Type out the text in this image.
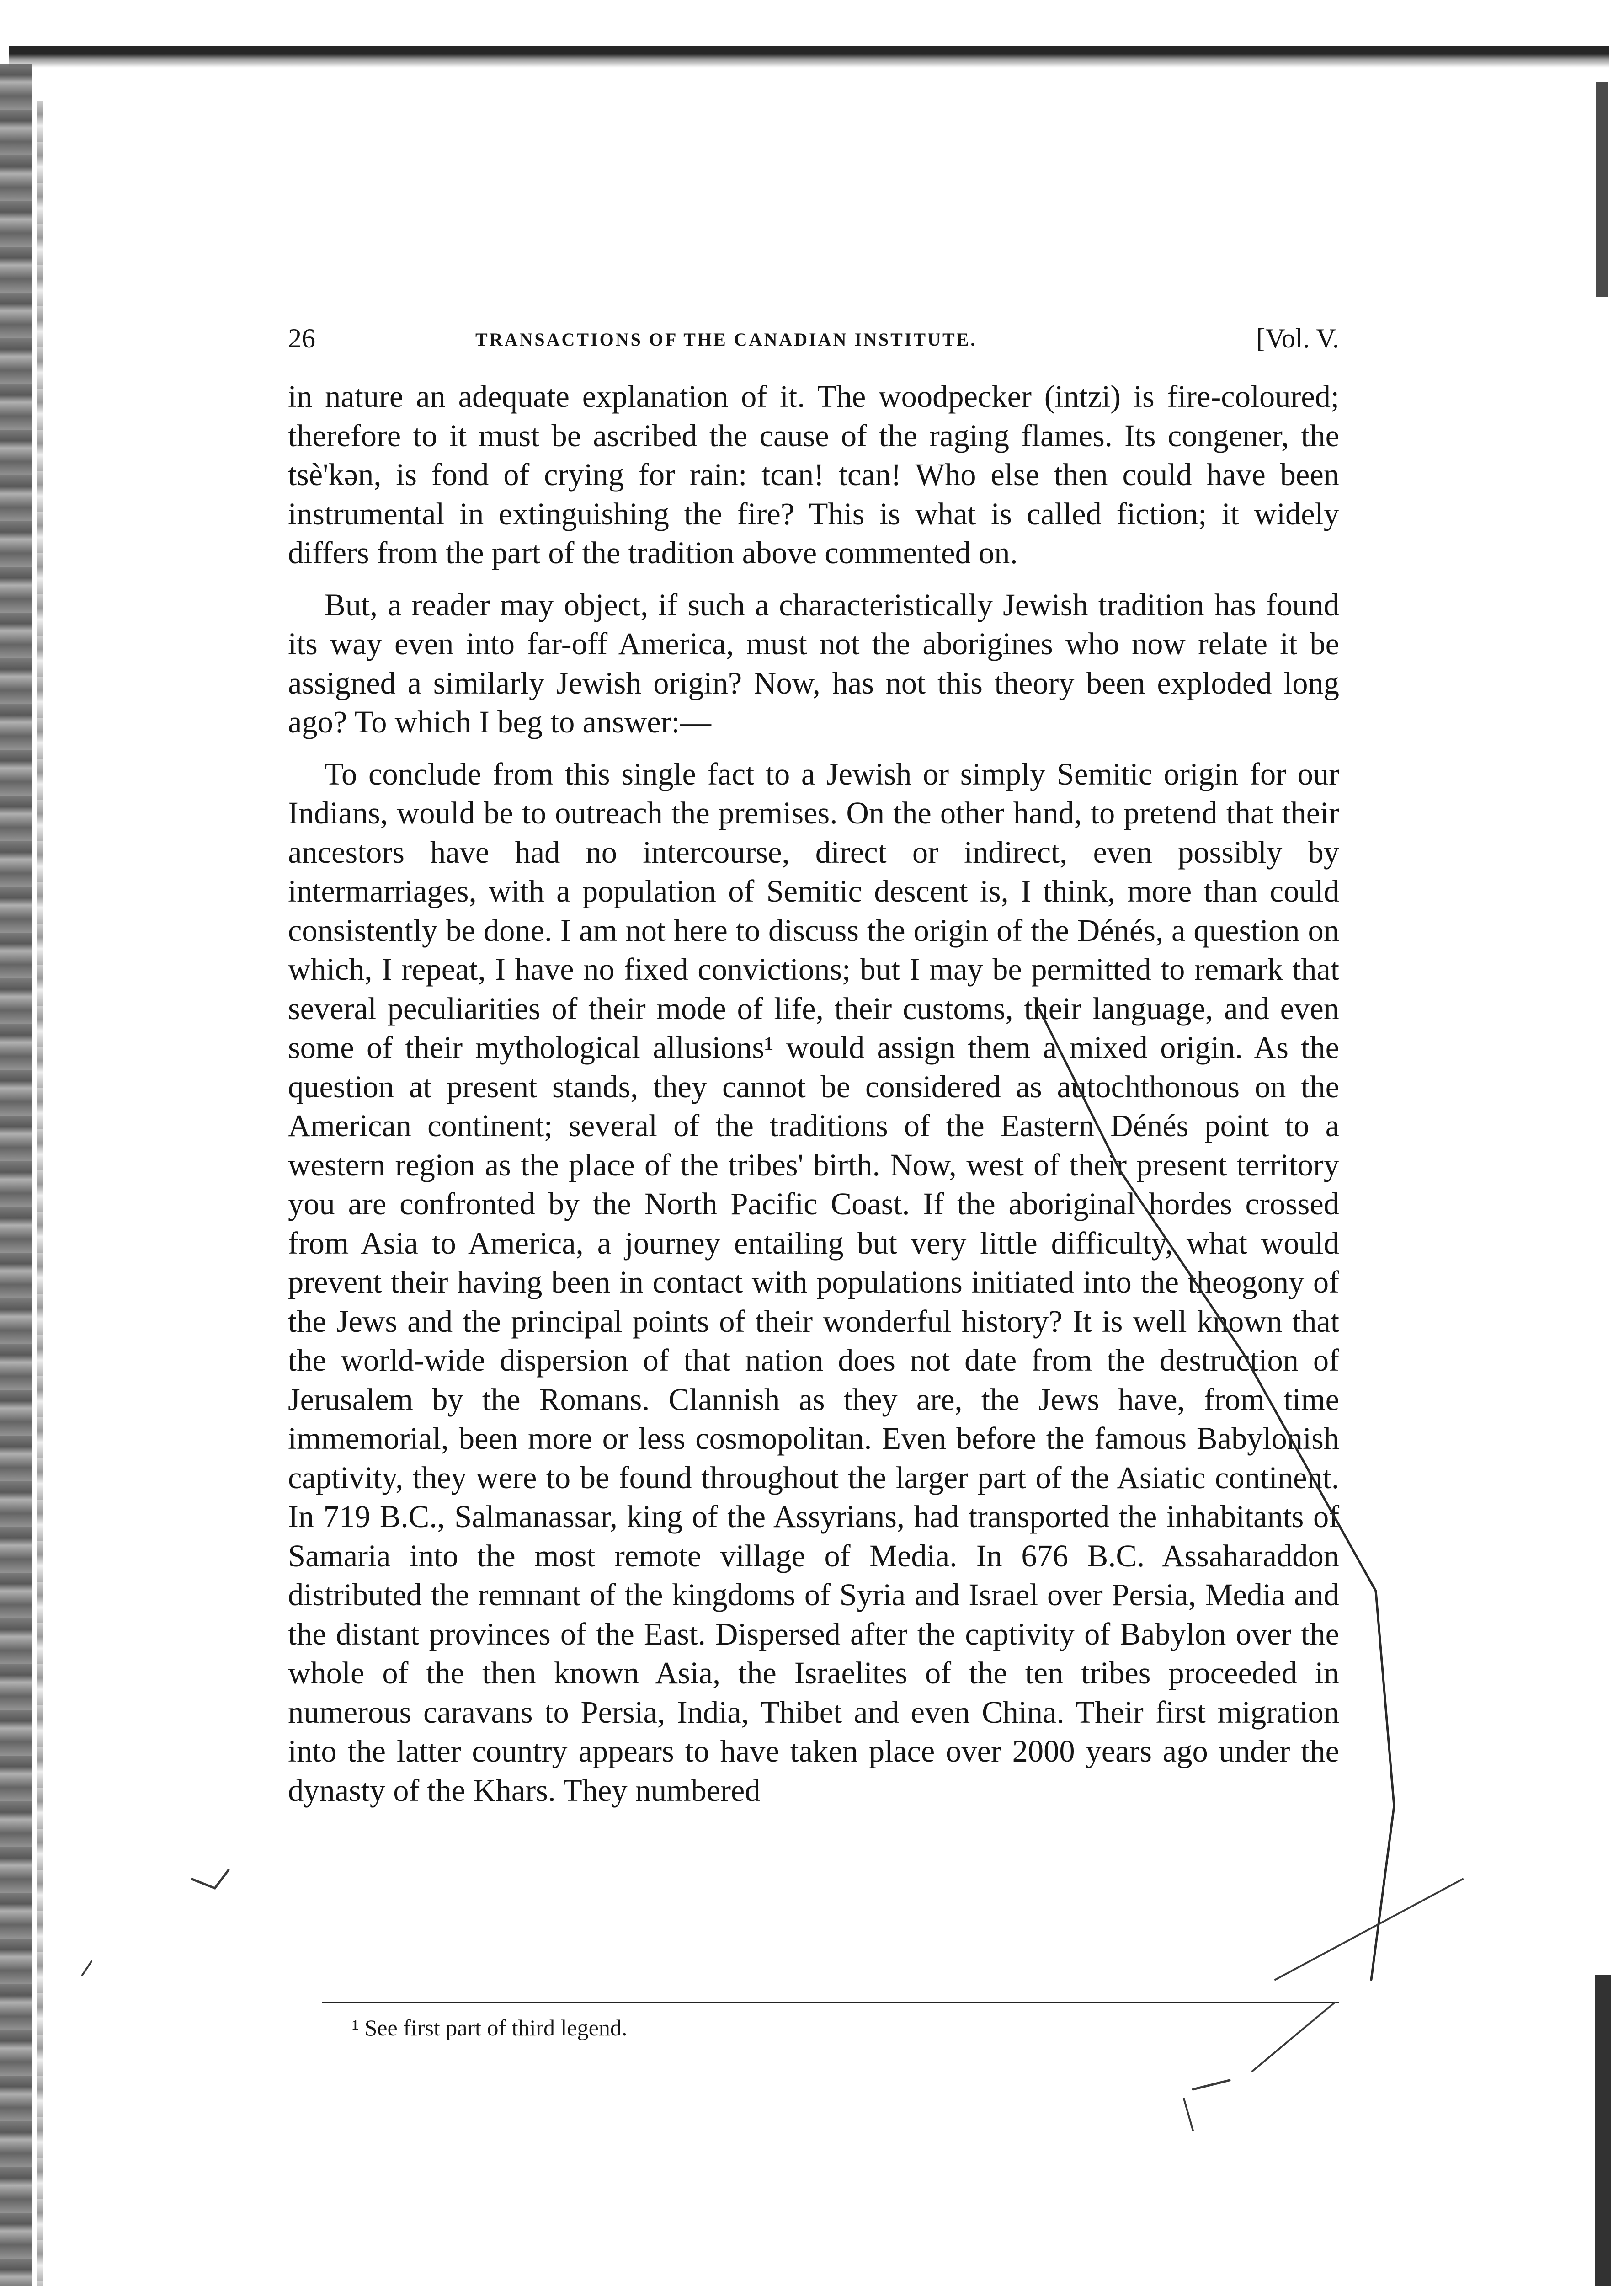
26	TRANSACTIONS OF THE CANADIAN INSTITUTE.	[Vol. V.

in nature an adequate explanation of it. The woodpecker (intzi) is fire-coloured; therefore to it must be ascribed the cause of the raging flames. Its congener, the tsè'kən, is fond of crying for rain: tcan! tcan! Who else then could have been instrumental in extinguishing the fire? This is what is called fiction; it widely differs from the part of the tradition above commented on.

But, a reader may object, if such a characteristically Jewish tradition has found its way even into far-off America, must not the aborigines who now relate it be assigned a similarly Jewish origin? Now, has not this theory been exploded long ago? To which I beg to answer:—

To conclude from this single fact to a Jewish or simply Semitic origin for our Indians, would be to outreach the premises. On the other hand, to pretend that their ancestors have had no intercourse, direct or indirect, even possibly by intermarriages, with a population of Semitic descent is, I think, more than could consistently be done. I am not here to discuss the origin of the Dénés, a question on which, I repeat, I have no fixed convictions; but I may be permitted to remark that several peculiarities of their mode of life, their customs, their language, and even some of their mythological allusions¹ would assign them a mixed origin. As the question at present stands, they cannot be considered as autochthonous on the American continent; several of the traditions of the Eastern Dénés point to a western region as the place of the tribes' birth. Now, west of their present territory you are confronted by the North Pacific Coast. If the aboriginal hordes crossed from Asia to America, a journey entailing but very little difficulty, what would prevent their having been in contact with populations initiated into the theogony of the Jews and the principal points of their wonderful history? It is well known that the world-wide dispersion of that nation does not date from the destruction of Jerusalem by the Romans. Clannish as they are, the Jews have, from time immemorial, been more or less cosmopolitan. Even before the famous Babylonish captivity, they were to be found throughout the larger part of the Asiatic continent. In 719 B.C., Salmanassar, king of the Assyrians, had transported the inhabitants of Samaria into the most remote village of Media. In 676 B.C. Assaharaddon distributed the remnant of the kingdoms of Syria and Israel over Persia, Media and the distant provinces of the East. Dispersed after the captivity of Babylon over the whole of the then known Asia, the Israelites of the ten tribes proceeded in numerous caravans to Persia, India, Thibet and even China. Their first migration into the latter country appears to have taken place over 2000 years ago under the dynasty of the Khars. They numbered

¹ See first part of third legend.
